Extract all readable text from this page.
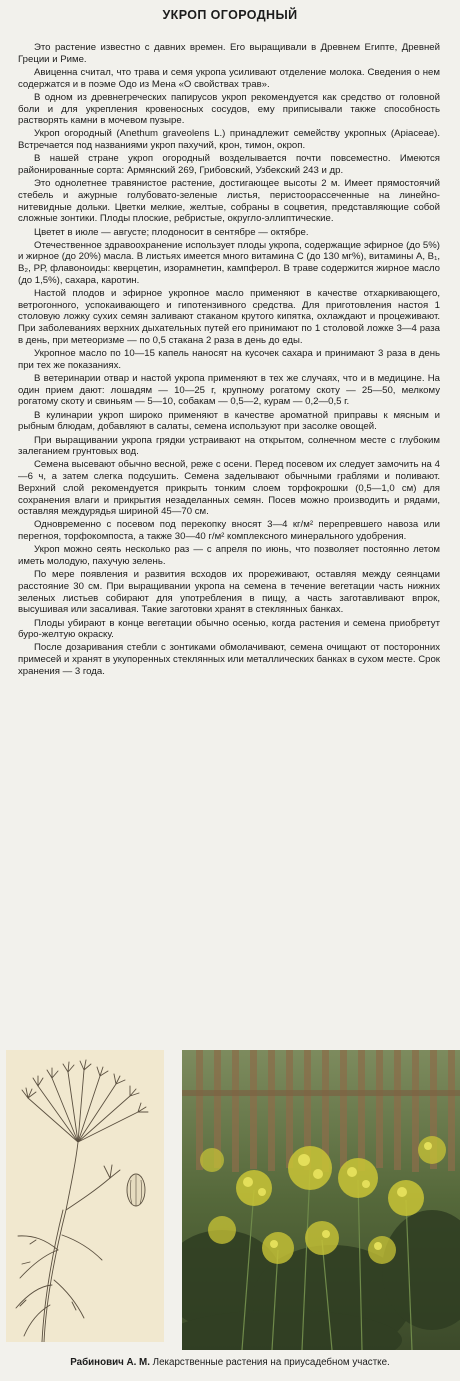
УКРОП ОГОРОДНЫЙ

Это растение известно с давних времен. Его выращивали в Древнем Египте, Древней Греции и Риме.

Авиценна считал, что трава и семя укропа усиливают отделение молока. Сведения о нем содержатся и в поэме Одо из Мена «О свойствах трав».

В одном из древнегреческих папирусов укроп рекомендуется как средство от головной боли и для укрепления кровеносных сосудов, ему приписывали также способность растворять камни в мочевом пузыре.

Укроп огородный (Anethum graveolens L.) принадлежит семейству укропных (Apiaceae). Встречается под названиями укроп пахучий, крон, тимон, окроп.

В нашей стране укроп огородный возделывается почти повсеместно. Имеются районированные сорта: Армянский 269, Грибовский, Узбекский 243 и др.

Это однолетнее травянистое растение, достигающее высоты 2 м. Имеет прямостоячий стебель и ажурные голубовато-зеленые листья, перистоорассеченные на линейно-нитевидные дольки. Цветки мелкие, желтые, собраны в соцветия, представляющие собой сложные зонтики. Плоды плоские, ребристые, округло-эллиптические.

Цветет в июле — августе; плодоносит в сентябре — октябре.

Отечественное здравоохранение использует плоды укропа, содержащие эфирное (до 5%) и жирное (до 20%) масла. В листьях имеется много витамина С (до 130 мг%), витамины А, В₁, В₂, РР, флавоноиды: кверцетин, изорамнетин, кампферол. В траве содержится жирное масло (до 1,5%), сахара, каротин.

Настой плодов и эфирное укропное масло применяют в качестве отхаркивающего, ветрогонного, успокаивающего и гипотензивного средства. Для приготовления настоя 1 столовую ложку сухих семян заливают стаканом крутого кипятка, охлаждают и процеживают. При заболеваниях верхних дыхательных путей его принимают по 1 столовой ложке 3—4 раза в день, при метеоризме — по 0,5 стакана 2 раза в день до еды.

Укропное масло по 10—15 капель наносят на кусочек сахара и принимают 3 раза в день при тех же показаниях.

В ветеринарии отвар и настой укропа применяют в тех же случаях, что и в медицине. На один прием дают: лошадям — 10—25 г, крупному рогатому скоту — 25—50, мелкому рогатому скоту и свиньям — 5—10, собакам — 0,5—2, курам — 0,2—0,5 г.

В кулинарии укроп широко применяют в качестве ароматной приправы к мясным и рыбным блюдам, добавляют в салаты, семена используют при засолке овощей.

При выращивании укропа грядки устраивают на открытом, солнечном месте с глубоким залеганием грунтовых вод.

Семена высевают обычно весной, реже с осени. Перед посевом их следует замочить на 4—6 ч, а затем слегка подсушить. Семена заделывают обычными граблями и поливают. Верхний слой рекомендуется прикрыть тонким слоем торфокрошки (0,5—1,0 см) для сохранения влаги и прикрытия незаделанных семян. Посев можно производить и рядами, оставляя междурядья шириной 45—70 см.

Одновременно с посевом под перекопку вносят 3—4 кг/м² перепревшего навоза или перегноя, торфокомпоста, а также 30—40 г/м² комплексного минерального удобрения.

Укроп можно сеять несколько раз — с апреля по июнь, что позволяет постоянно летом иметь молодую, пахучую зелень.

По мере появления и развития всходов их прореживают, оставляя между сеянцами расстояние 30 см. При выращивании укропа на семена в течение вегетации часть нижних зеленых листьев собирают для употребления в пищу, а часть заготавливают впрок, высушивая или засаливая. Такие заготовки хранят в стеклянных банках.

Плоды убирают в конце вегетации обычно осенью, когда растения и семена приобретут буро-желтую окраску.

После дозаривания стебли с зонтиками обмолачивают, семена очищают от посторонних примесей и хранят в укупоренных стеклянных или металлических банках в сухом месте. Срок хранения — 3 года.

Рабинович А. М. Лекарственные растения на приусадебном участке.
